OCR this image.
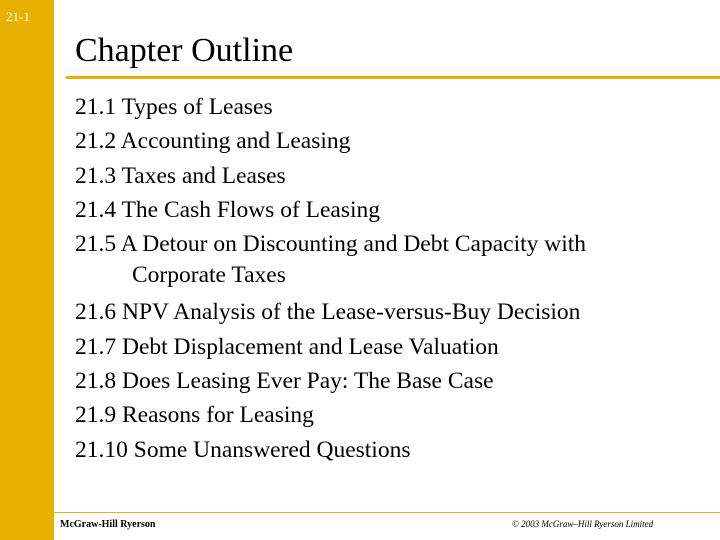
21-1
Chapter Outline
21.1 Types of Leases
21.2 Accounting and Leasing
21.3 Taxes and Leases
21.4 The Cash Flows of Leasing
21.5 A Detour on Discounting and Debt Capacity with
Corporate Taxes
21.6 NPV Analysis of the Lease-versus-Buy Decision
21.7 Debt Displacement and Lease Valuation
21.8 Does Leasing Ever Pay: The Base Case
21.9 Reasons for Leasing
21.10 Some Unanswered Questions
McGraw-Hill Ryerson	© 2003 McGraw–Hill Ryerson Limited
